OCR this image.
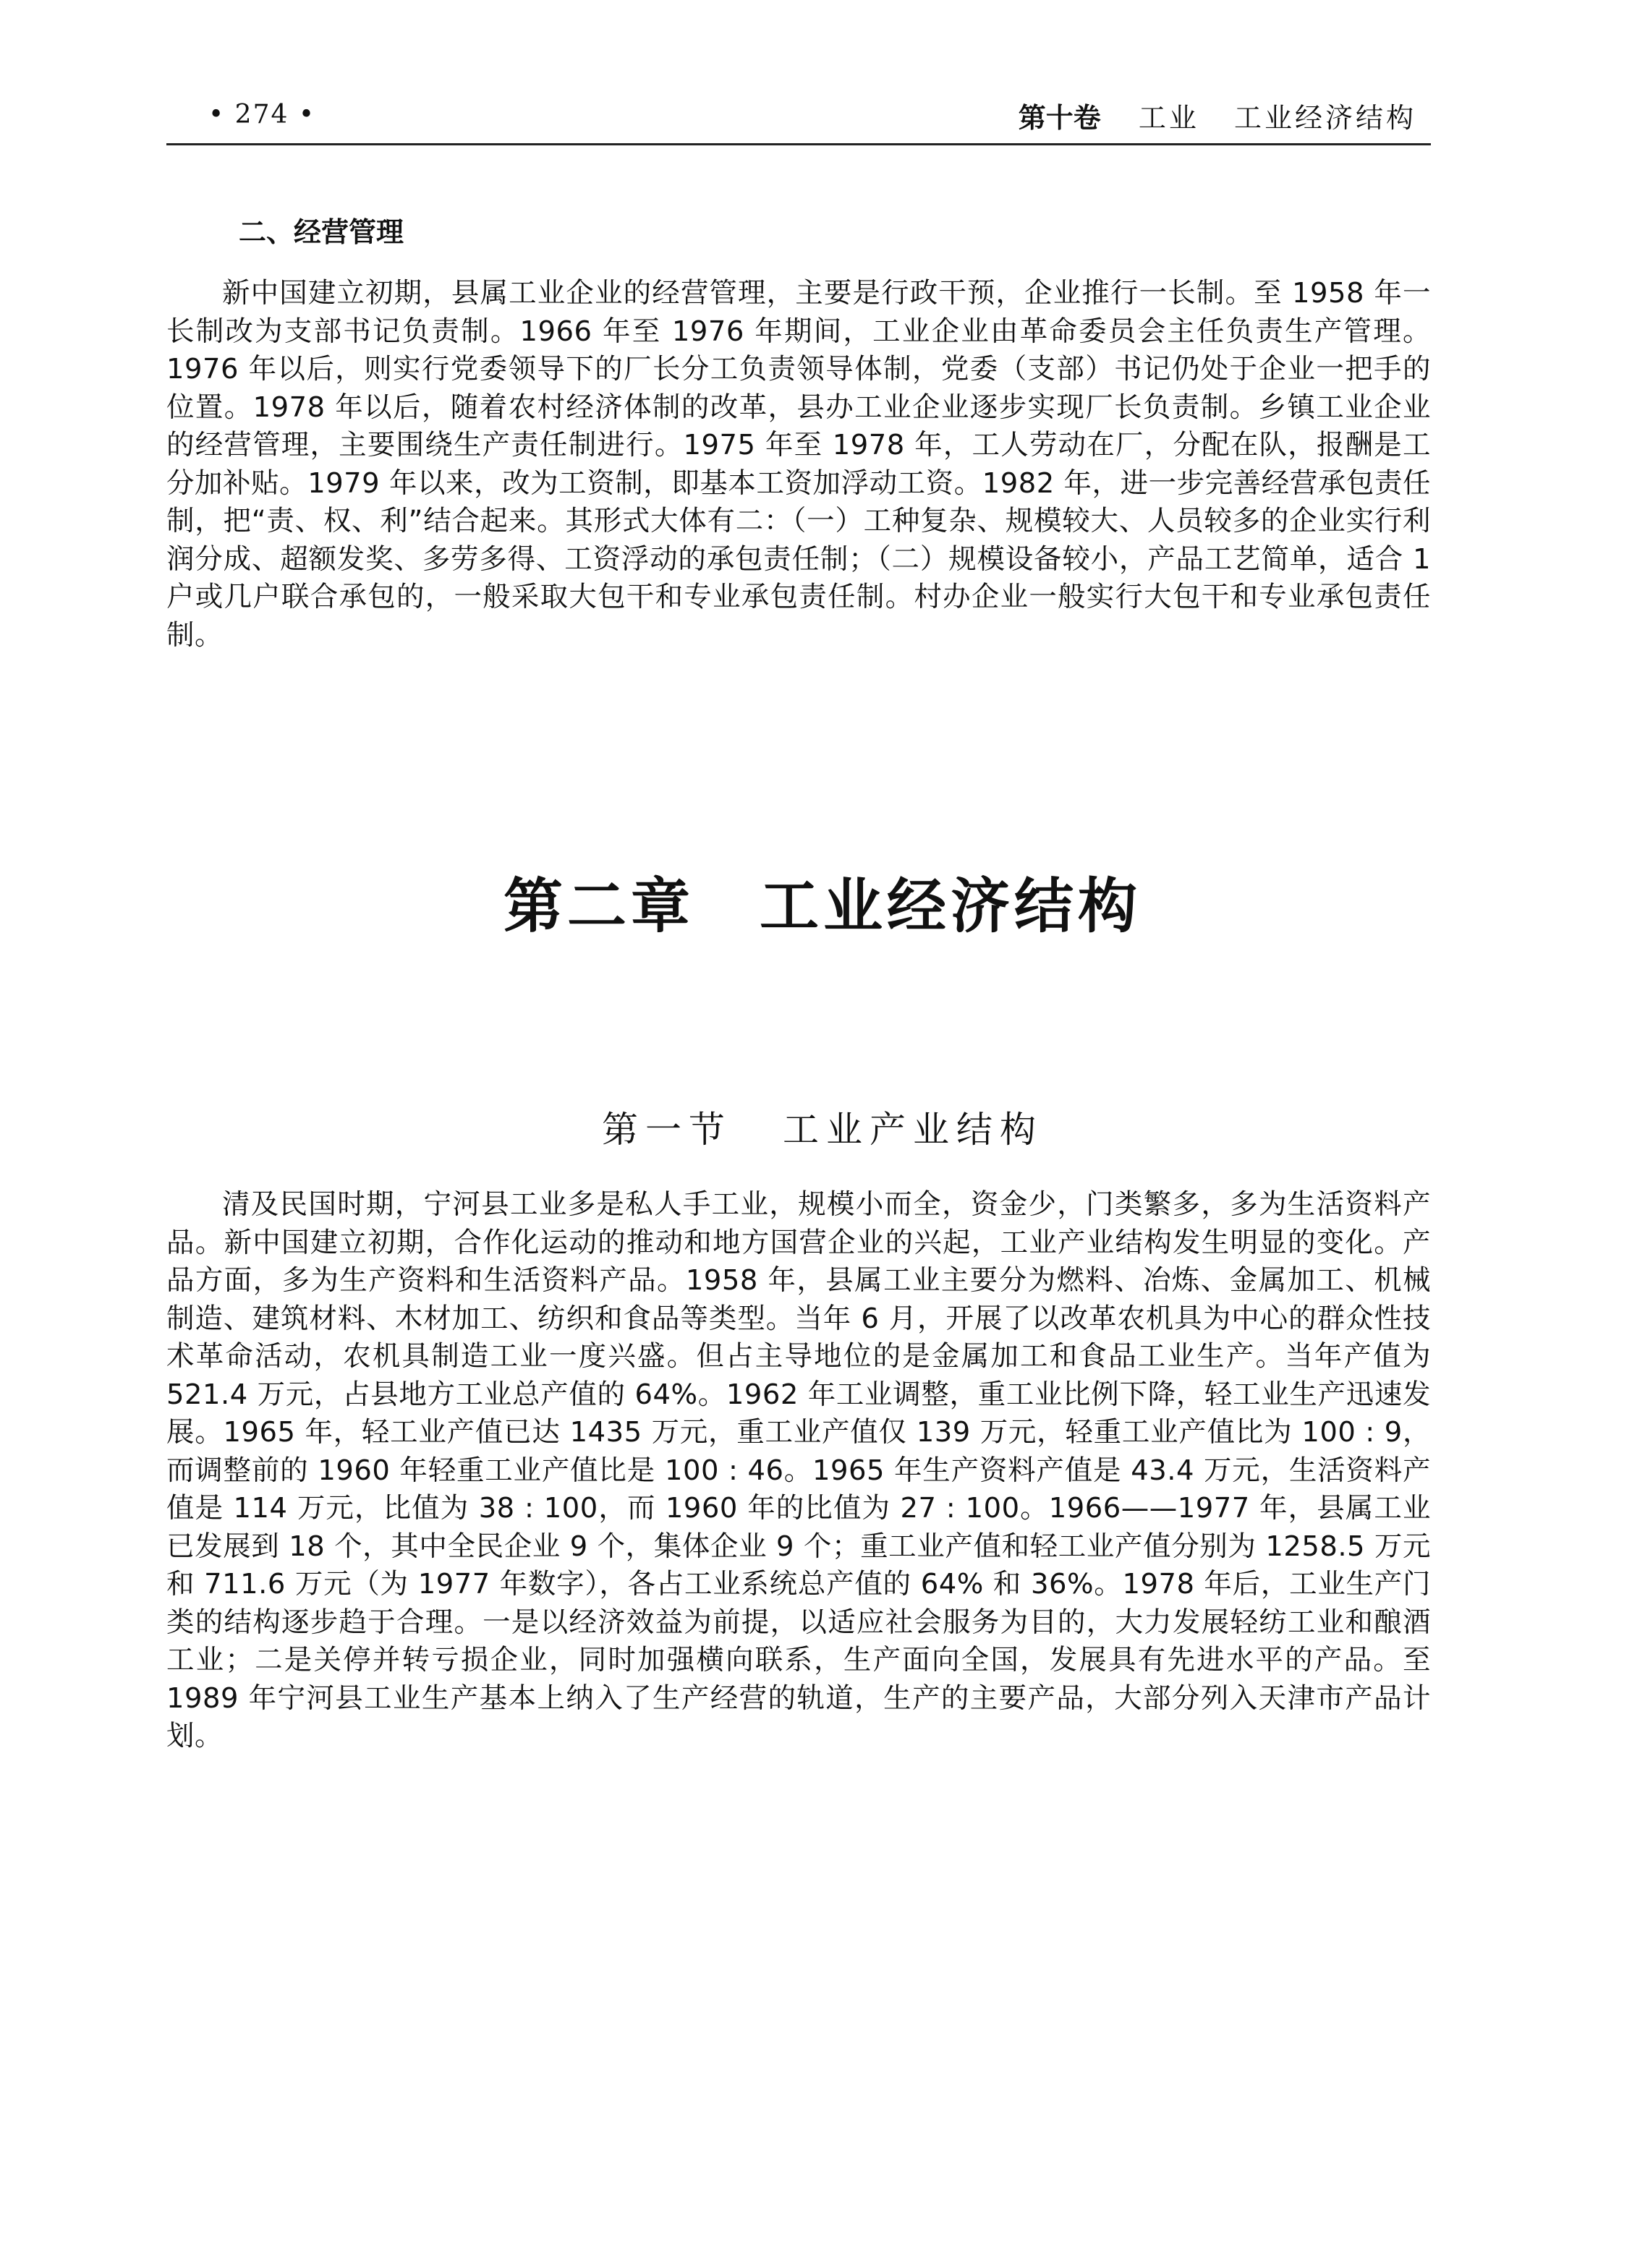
• 274 •	第十卷 工业 工业经济结构
二、经营管理

新中国建立初期，县属工业企业的经营管理，主要是行政干预，企业推行一长制。至 1958 年一长制改为支部书记负责制。1966 年至 1976 年期间，工业企业由革命委员会主任负责生产管理。1976 年以后，则实行党委领导下的厂长分工负责领导体制，党委（支部）书记仍处于企业一把手的位置。1978 年以后，随着农村经济体制的改革，县办工业企业逐步实现厂长负责制。乡镇工业企业的经营管理，主要围绕生产责任制进行。1975 年至 1978 年，工人劳动在厂，分配在队，报酬是工分加补贴。1979 年以来，改为工资制，即基本工资加浮动工资。1982 年，进一步完善经营承包责任制，把“责、权、利”结合起来。其形式大体有二：（一）工种复杂、规模较大、人员较多的企业实行利润分成、超额发奖、多劳多得、工资浮动的承包责任制；（二）规模设备较小，产品工艺简单，适合 1 户或几户联合承包的，一般采取大包干和专业承包责任制。村办企业一般实行大包干和专业承包责任制。

第二章 工业经济结构
第一节 工业产业结构

清及民国时期，宁河县工业多是私人手工业，规模小而全，资金少，门类繁多，多为生活资料产品。新中国建立初期，合作化运动的推动和地方国营企业的兴起，工业产业结构发生明显的变化。产品方面，多为生产资料和生活资料产品。1958 年，县属工业主要分为燃料、冶炼、金属加工、机械制造、建筑材料、木材加工、纺织和食品等类型。当年 6 月，开展了以改革农机具为中心的群众性技术革命活动，农机具制造工业一度兴盛。但占主导地位的是金属加工和食品工业生产。当年产值为 521.4 万元，占县地方工业总产值的 64%。1962 年工业调整，重工业比例下降，轻工业生产迅速发展。1965 年，轻工业产值已达 1435 万元，重工业产值仅 139 万元，轻重工业产值比为 100 : 9，而调整前的 1960 年轻重工业产值比是 100 : 46。1965 年生产资料产值是 43.4 万元，生活资料产值是 114 万元，比值为 38 : 100，而 1960 年的比值为 27 : 100。1966——1977 年，县属工业已发展到 18 个，其中全民企业 9 个，集体企业 9 个；重工业产值和轻工业产值分别为 1258.5 万元和 711.6 万元（为 1977 年数字），各占工业系统总产值的 64% 和 36%。1978 年后，工业生产门类的结构逐步趋于合理。一是以经济效益为前提，以适应社会服务为目的，大力发展轻纺工业和酿酒工业；二是关停并转亏损企业，同时加强横向联系，生产面向全国，发展具有先进水平的产品。至 1989 年宁河县工业生产基本上纳入了生产经营的轨道，生产的主要产品，大部分列入天津市产品计划。
